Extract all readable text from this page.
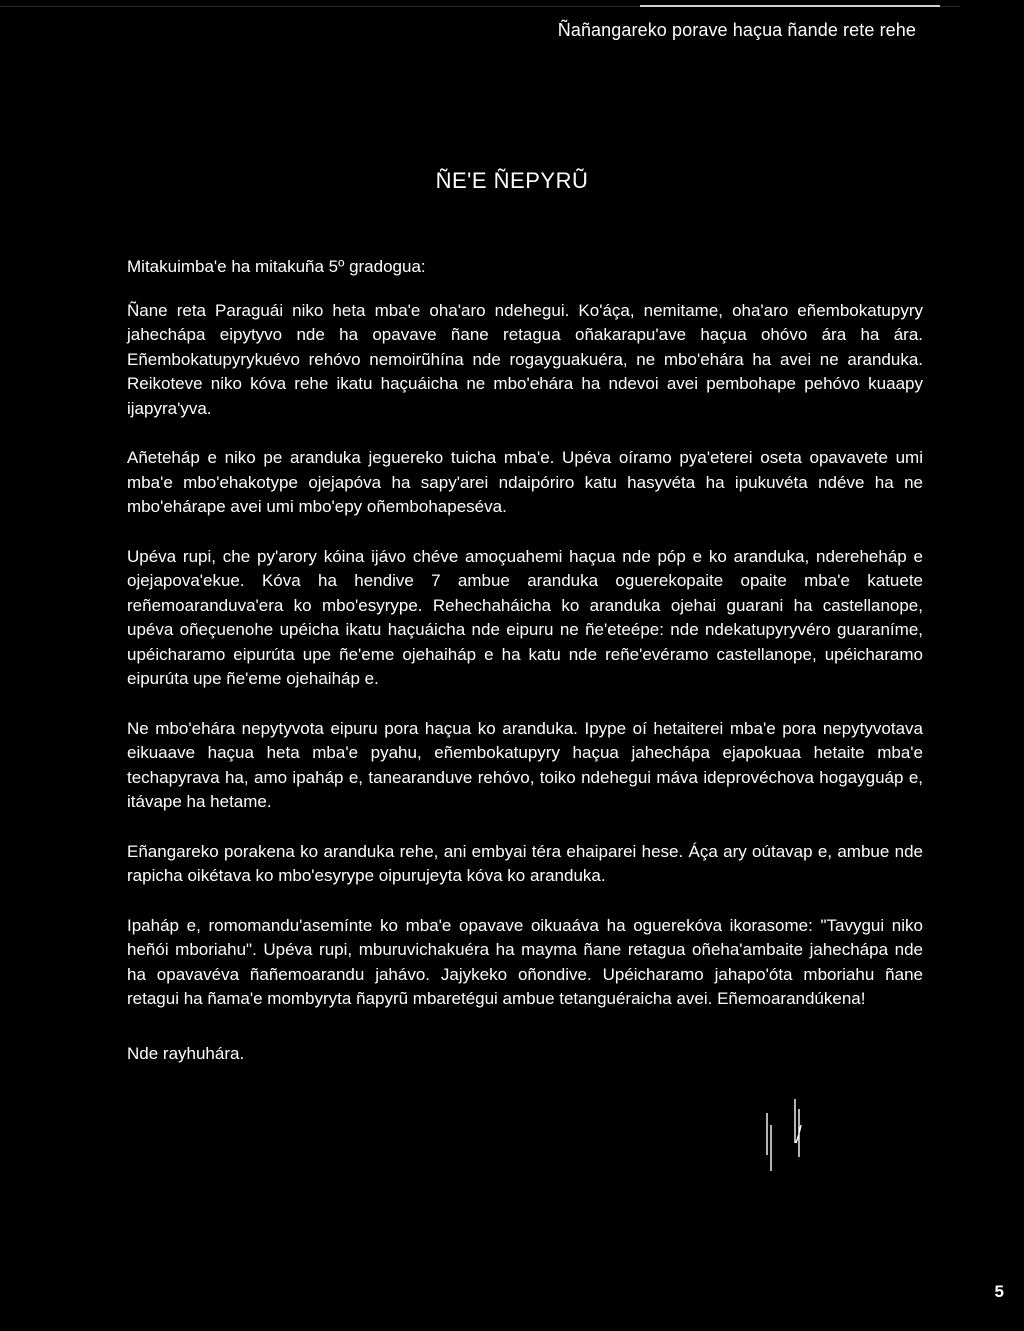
Ñañangareko porave haçua ñande rete rehe
ÑE'E ÑEPYRŨ

Mitakuimba'e ha mitakuña 5º gradogua:

Ñane reta Paraguái niko heta mba'e oha'aro ndehegui. Ko'áça, nemitame, oha'aro eñembokatupyry jahechápa eipytyvo nde ha opavave ñane retagua oñakarapu'ave haçua ohóvo ára ha ára. Eñembokatupyrykuévo rehóvo nemoirũhína nde rogayguakuéra, ne mbo'ehára ha avei ne aranduka. Reikoteve niko kóva rehe ikatu haçuáicha ne mbo'ehára ha ndevoi avei pembohape pehóvo kuaapy ijapyra'yva.

Añeteháp e niko pe aranduka jeguereko tuicha mba'e. Upéva oíramo pya'eterei oseta opavavete umi mba'e mbo'ehakotype ojejapóva ha sapy'arei ndaipóriro katu hasyvéta ha ipukuvéta ndéve ha ne mbo'ehárape avei umi mbo'epy oñembohapeséva.

Upéva rupi, che py'arory kóina ijávo chéve amoçuahemi haçua nde póp e ko aranduka, ndereheháp e ojejapova'ekue. Kóva ha hendive 7 ambue aranduka oguerekopaite opaite mba'e katuete reñemoaranduva'era ko mbo'esyrype. Rehechaháicha ko aranduka ojehai guarani ha castellanope, upéva oñeçuenohe upéicha ikatu haçuáicha nde eipuru ne ñe'eteépe: nde ndekatupyryvéro guaraníme, upéicharamo eipurúta upe ñe'eme ojehaiháp e ha katu nde reñe'evéramo castellanope, upéicharamo eipurúta upe ñe'eme ojehaiháp e.

Ne mbo'ehára nepytyvota eipuru pora haçua ko aranduka. Ipype oí hetaiterei mba'e pora nepytyvotava eikuaave haçua heta mba'e pyahu, eñembokatupyry haçua jahechápa ejapokuaa hetaite mba'e techapyrava ha, amo ipaháp e, tanearanduve rehóvo, toiko ndehegui máva ideprovéchova hogayguáp e, itávape ha hetame.

Eñangareko porakena ko aranduka rehe, ani embyai téra ehaiparei hese. Áça ary oútavap e, ambue nde rapicha oikétava ko mbo'esyrype oipurujeyta kóva ko aranduka.

Ipaháp e, romomandu'asemínte ko mba'e opavave oikuaáva ha oguerekóva ikorasome: "Tavygui niko heñói mboriahu". Upéva rupi, mburuvichakuéra ha mayma ñane retagua oñeha'ambaite jahechápa nde ha opavavéva ñañemoarandu jahávo. Jajykeko oñondive. Upéicharamo jahapo'óta mboriahu ñane retagui ha ñama'e mombyryta ñapyrũ mbaretégui ambue tetanguéraicha avei. Eñemoarandúkena!

Nde rayhuhára.

5
